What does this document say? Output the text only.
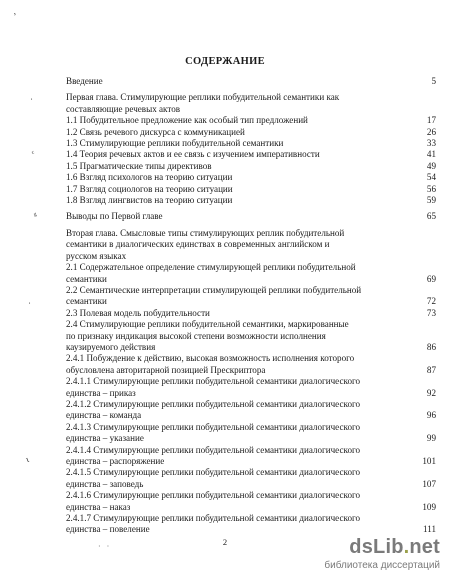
СОДЕРЖАНИЕ
Введение	5
Первая глава. Стимулирующие реплики побудительной семантики как
составляющие речевых актов
1.1 Побудительное предложение как особый тип предложений	17
1.2 Связь речевого дискурса с коммуникацией	26
1.3 Стимулирующие реплики побудительной семантики	33
1.4 Теория речевых актов и ее связь с изучением императивности	41
1.5 Прагматические типы директивов	49
1.6 Взгляд психологов на теорию ситуации	54
1.7 Взгляд социологов на теорию ситуации	56
1.8 Взгляд лингвистов на теорию ситуации	59
Выводы по Первой главе	65
Вторая глава. Смысловые типы стимулирующих реплик побудительной
семантики в диалогических единствах в современных английском и
русском языках
2.1 Содержательное определение стимулирующей реплики побудительной
семантики	69
2.2 Семантические интерпретации стимулирующей реплики побудительной
семантики	72
2.3 Полевая модель побудительности	73
2.4 Стимулирующие реплики побудительной семантики, маркированные
по признаку индикация высокой степени возможности исполнения
каузируемого действия	86
2.4.1 Побуждение к действию, высокая возможность исполнения которого
обусловлена авторитарной позицией Прескриптора	87
2.4.1.1 Стимулирующие реплики побудительной семантики диалогического
единства – приказ	92
2.4.1.2 Стимулирующие реплики побудительной семантики диалогического
единства – команда	96
2.4.1.3 Стимулирующие реплики побудительной семантики диалогического
единства – указание	99
2.4.1.4 Стимулирующие реплики побудительной семантики диалогического
единства – распоряжение	101
2.4.1.5 Стимулирующие реплики побудительной семантики диалогического
единства – заповедь	107
2.4.1.6 Стимулирующие реплики побудительной семантики диалогического
единства – наказ	109
2.4.1.7 Стимулирующие реплики побудительной семантики диалогического
единства – повеление	111
ʼ
·
ᶜ
ᵍ
·
ɩ
· ·	2	dsLib.net
библиотека диссертаций
